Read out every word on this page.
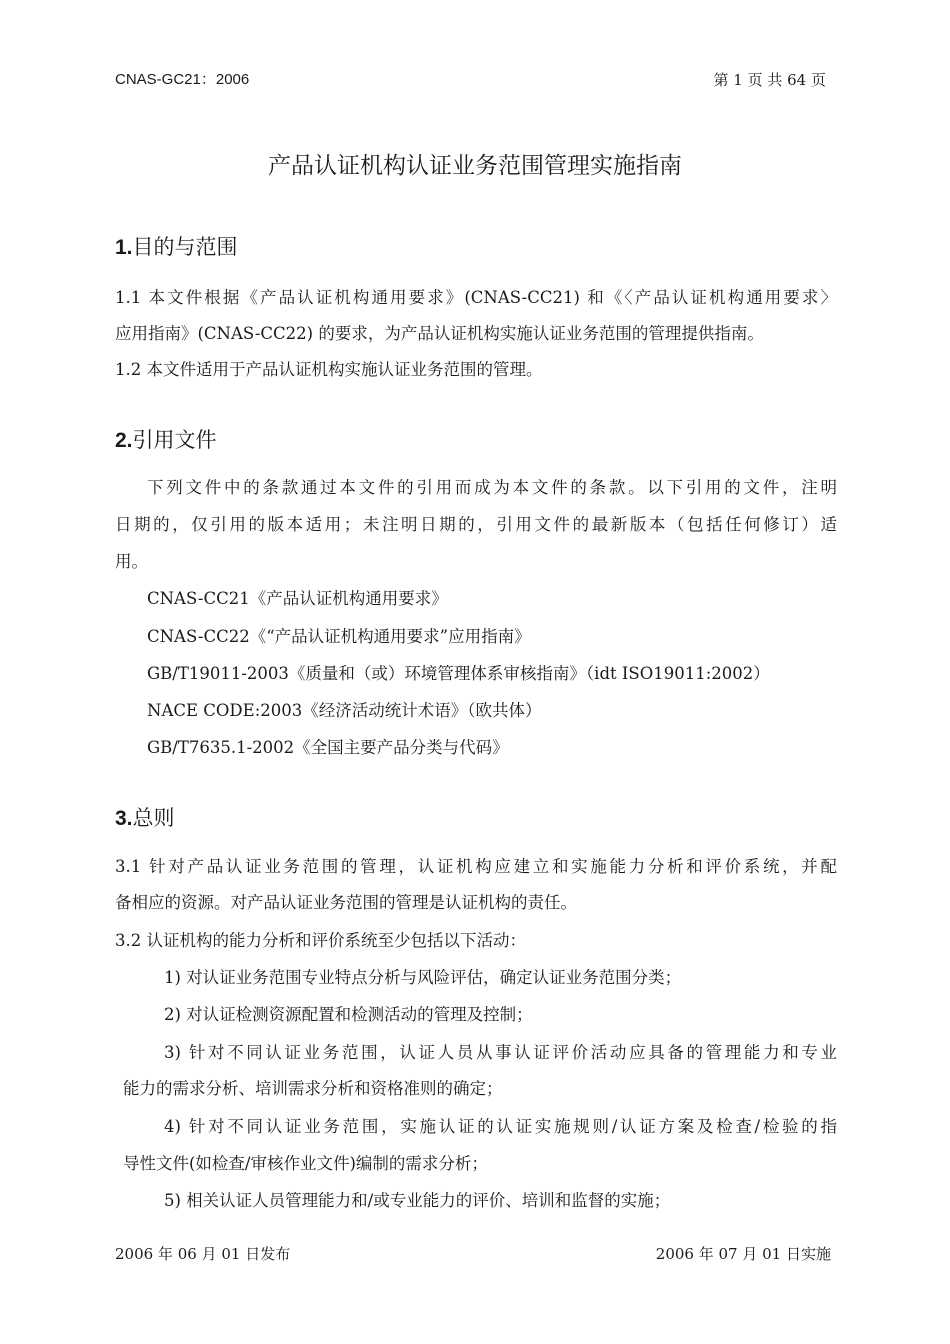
CNAS-GC21：2006	第 1 页 共 64 页
产品认证机构认证业务范围管理实施指南
1.目的与范围
1.1 本文件根据《产品认证机构通用要求》(CNAS-CC21) 和《〈产品认证机构通用要求〉
应用指南》(CNAS-CC22) 的要求，为产品认证机构实施认证业务范围的管理提供指南。
1.2 本文件适用于产品认证机构实施认证业务范围的管理。
2.引用文件
下列文件中的条款通过本文件的引用而成为本文件的条款。以下引用的文件，注明
日期的，仅引用的版本适用；未注明日期的，引用文件的最新版本（包括任何修订）适
用。
CNAS-CC21《产品认证机构通用要求》
CNAS-CC22《“产品认证机构通用要求”应用指南》
GB/T19011-2003《质量和（或）环境管理体系审核指南》（idt ISO19011:2002）
NACE CODE:2003《经济活动统计术语》（欧共体）
GB/T7635.1-2002《全国主要产品分类与代码》
3.总则
3.1 针对产品认证业务范围的管理，认证机构应建立和实施能力分析和评价系统，并配
备相应的资源。对产品认证业务范围的管理是认证机构的责任。
3.2 认证机构的能力分析和评价系统至少包括以下活动：
1) 对认证业务范围专业特点分析与风险评估，确定认证业务范围分类；
2) 对认证检测资源配置和检测活动的管理及控制；
3) 针对不同认证业务范围，认证人员从事认证评价活动应具备的管理能力和专业
能力的需求分析、培训需求分析和资格准则的确定；
4) 针对不同认证业务范围，实施认证的认证实施规则/认证方案及检查/检验的指
导性文件(如检查/审核作业文件)编制的需求分析；
5) 相关认证人员管理能力和/或专业能力的评价、培训和监督的实施；
2006 年 06 月 01 日发布	2006 年 07 月 01 日实施
